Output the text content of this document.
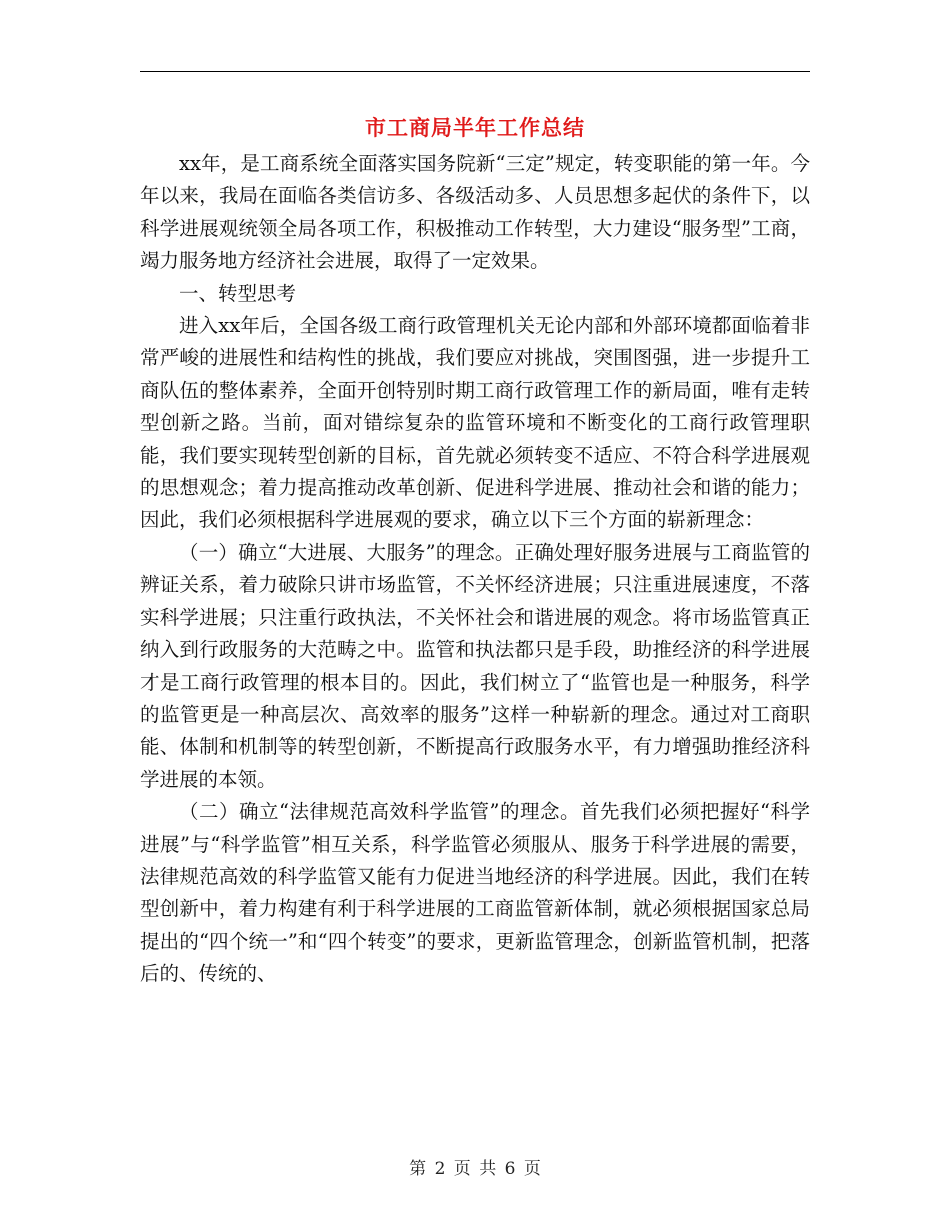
市工商局半年工作总结

xx年，是工商系统全面落实国务院新“三定”规定，转变职能的第一年。今年以来，我局在面临各类信访多、各级活动多、人员思想多起伏的条件下，以科学进展观统领全局各项工作，积极推动工作转型，大力建设“服务型”工商，竭力服务地方经济社会进展，取得了一定效果。

一、转型思考

进入xx年后，全国各级工商行政管理机关无论内部和外部环境都面临着非常严峻的进展性和结构性的挑战，我们要应对挑战，突围图强，进一步提升工商队伍的整体素养，全面开创特别时期工商行政管理工作的新局面，唯有走转型创新之路。当前，面对错综复杂的监管环境和不断变化的工商行政管理职能，我们要实现转型创新的目标，首先就必须转变不适应、不符合科学进展观的思想观念；着力提高推动改革创新、促进科学进展、推动社会和谐的能力；因此，我们必须根据科学进展观的要求，确立以下三个方面的崭新理念：

（一）确立“大进展、大服务”的理念。正确处理好服务进展与工商监管的辨证关系，着力破除只讲市场监管，不关怀经济进展；只注重进展速度，不落实科学进展；只注重行政执法，不关怀社会和谐进展的观念。将市场监管真正纳入到行政服务的大范畴之中。监管和执法都只是手段，助推经济的科学进展才是工商行政管理的根本目的。因此，我们树立了“监管也是一种服务，科学的监管更是一种高层次、高效率的服务”这样一种崭新的理念。通过对工商职能、体制和机制等的转型创新，不断提高行政服务水平，有力增强助推经济科学进展的本领。

（二）确立“法律规范高效科学监管”的理念。首先我们必须把握好“科学进展”与“科学监管”相互关系，科学监管必须服从、服务于科学进展的需要，法律规范高效的科学监管又能有力促进当地经济的科学进展。因此，我们在转型创新中，着力构建有利于科学进展的工商监管新体制，就必须根据国家总局提出的“四个统一”和“四个转变”的要求，更新监管理念，创新监管机制，把落后的、传统的、

第 2 页 共 6 页
